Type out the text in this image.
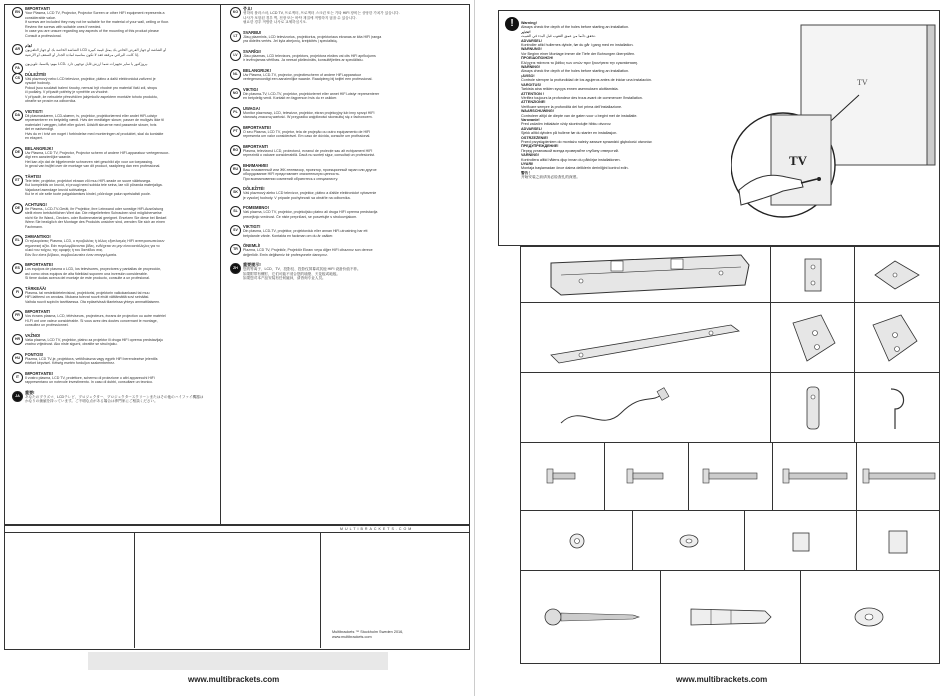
EN
IMPORTANT!
Your Plasma, LCD TV, Projector, Projector Screen or other HIFI equipment represents a
considerable value.
If screws are included they may not be suitable for the material of your wall, ceiling or floor.
Review the screws with suitable ones if needed.
In case you are unsure regarding any aspects of the mounting of this product please
Consult a professional.
AR
هام!
الشاشة الخاصة بك أو جهاز التلفزيون LCD أو الشاشة أو جهاز العرض الخاص بك يمثل قيمة كبيرة
إذا كانت البراغي مرفقة فقد لا تكون مناسبة لمادة الجدار أو السقف أو الأرضية.
FA
مهم: پلاسما، تلویزیون LCD، پروژکتور یا سایر تجهیزات شما ارزش قابل توجهی دارد.
CS
DŮLEŽITÉ!
Váš plazmový nebo LCD televizor, projektor, plátno a další elektronická zařízení je
vysoké hodnoty.
Pokud jsou součástí balení šrouby, nemusí být vhodné pro materiál Vaší zdi, stropu
či podlahy. V případě potřeby je vyměňte za vhodné.
V případě, že nebudete přesvědčen jakýmkoliv aspektem montáže tohoto produktu,
obraťte se prosím na odborníka.
DA
VIGTIGT!
Dit plasmaskærm, LCD-skærm, tv, projektor, projektorlærred eller andet HiFi-udstyr
repræsenterer en betydelig værdi. Hvis der medfølger skruer, passer de muligvis ikke til
materialet i væggen, loftet eller gulvet. Udskift skruerne med passende skruer, hvis
det er nødvendigt.
Hvis du er i tvivl om noget i forbindelse med monteringen af produktet, skal du kontakte
en ekspert.
DE
BELANGRIJK!
Uw Plasma, LCD TV, Projector, Projector scherm of andere HIFI-apparatuur vertegenwoor-
digt een aanzienlijke waarde.
Het kan zijn dat de bijgeleverde schroeven niet geschikt zijn voor uw toepassing.
In geval van twijfel over de montage van dit product, raadpleeg dan een professional.
ET
TÄHTIS!
Teie teler, projektor, projektori ekraan või muu HIFI-seade on suure väärtusega.
Kui komplektis on kruvid, ei pruugi need sobida teie seina, lae või põranda materjaliga.
Vajadusel asendage kruvid sobivatega.
Kui te ei ole selle toote paigaldamises kindel, pöörduge palun spetsialisti poole.
DE
ACHTUNG!
Ihr Plasma-, LCD-TV-Gerät, ihr Projektor, ihre Leinwand oder sonstige HiFi-Ausrüstung
stellt einen beträchtlichen Wert dar. Die mitgelieferten Schrauben sind möglicherweise
nicht für Ihr Wand-, Decken- oder Bodenmaterial geeignet. Ersetzen Sie diese bei Bedarf.
Wenn Sie bezüglich der Montage des Produkts unsicher sind, wenden Sie sich an einen
Fachmann.
EL
ΣΗΜΑΝΤΙΚΟ!
Οι τηλεοράσεις Plasma, LCD, ο προβολέας ή άλλος εξοπλισμός HIFI αντιπροσωπεύουν
σημαντική αξία. Εάν περιλαμβάνονται βίδες, ενδέχεται να μην είναι κατάλληλες για το
υλικό του τοίχου, της οροφής ή του δαπέδου σας.
Εάν δεν είστε βέβαιοι, συμβουλευτείτε έναν επαγγελματία.
ES
IMPORTANTE!
Los equipos de plasma o LCD, los televisores, proyectores y pantallas de proyección,
así como otros equipos de alta fidelidad suponen una inversión considerable.
Si tiene dudas acerca del montaje de este producto, consulte a un profesional.
FI
TÄRKEÄÄ!
Plasma- tai nestekidetelevisiosi, projektorisi, projektorin valkokankaasi tai muu
HiFi-laitteesi on arvokas. Mukana tulevat ruuvit eivät välttämättä sovi seinääsi.
Vaihda ruuvit sopiviin tarvittaessa. Ota epäselvissä tilanteissa yhteys ammattilaiseen.
FR
IMPORTANT!
Vos écrans plasma, LCD, téléviseurs, projecteurs, écrans de projection ou autre matériel
HI-FI ont une valeur considérable. Si vous avez des doutes concernant le montage,
consultez un professionnel.
HR
VAŽNO!
Vaša plazma, LCD TV, projektor, platno za projektor ili druga HIFI oprema predstavljaju
znatnu vrijednost. Ako niste sigurni, obratite se stručnjaku.
HU
FONTOS!
Plazma, LCD TV-je, projektora, vetítővászna vagy egyéb HiFi berendezése jelentős
értéket képvisel. Kétség esetén forduljon szakemberhez.
IT
IMPORTANTE!
Il vostro plasma, LCD TV, proiettore, schermo di proiezione o altri apparecchi HiFi
rappresentano un notevole investimento. In caso di dubbi, consultare un tecnico.
JA
重要!
あなたのプラズマ、LCDテレビ、プロジェクター、プロジェクタースクリーンまたはその他のハイファイ機器は
かなりの価値を持っています。ご不明な点がある場合は専門家にご相談ください。
KO
중요!
귀하의 플라스마, LCD TV, 프로젝터, 프로젝터 스크린 또는 기타 HIFI 장비는 상당한 가치가 있습니다.
나사가 포함된 경우 벽, 천장 또는 바닥 재질에 적합하지 않을 수 있습니다.
필요한 경우 적합한 나사로 교체하십시오.
LT
SVARBU!
Jūsų plazminis, LCD televizorius, projektorius, projektoriaus ekranas ar kita HIFI įranga
yra didelės vertės. Jei kyla abejonių, kreipkitės į specialistą.
LV
SVARĪGI!
Jūsu plazmas, LCD televizors, projektors, projektora ekrāns vai cits HiFi aprīkojums
ir ievērojamas vērtības. Ja neesat pārliecināts, konsultējieties ar speciālistu.
NL
BELANGRIJK!
Uw Plasma, LCD-TV, projector, projectiescherm of andere HiFi-apparatuur
vertegenwoordigt een aanzienlijke waarde. Raadpleeg bij twijfel een professional.
NO
VIKTIG!
Din plasma-TV, LCD-TV, projektor, projektorlerret eller annet HIFI-utstyr representerer
en betydelig verdi. Kontakt en fagperson hvis du er usikker.
PL
UWAGA!
Monitor plazmowy, LCD, telewizor, projektor, ekran projekcyjny lub inny sprzęt HIFI
stanowią znaczną wartość. W przypadku wątpliwości skonsultuj się z fachowcem.
PT
IMPORTANTE!
O seu Plasma, LCD TV, projetor, tela de projeção ou outro equipamento de HIFI
representa um valor considerável. Em caso de dúvida, consulte um profissional.
RO
IMPORTANT!
Plasma, televizorul LCD, proiectorul, ecranul de proiecție sau alt echipament HIFI
reprezintă o valoare considerabilă. Dacă nu sunteți sigur, consultați un profesionist.
RU
ВНИМАНИЕ!
Ваш плазменный или ЖК-телевизор, проектор, проекционный экран или другое
оборудование HIFI представляет значительную ценность.
При возникновении сомнений обратитесь к специалисту.
SK
DÔLEŽITÉ!
Váš plazmový alebo LCD televízor, projektor, plátno a ďalšie elektronické vybavenie
je vysokej hodnoty. V prípade pochybností sa obráťte na odborníka.
SL
POMEMBNO!
Vaš plazma, LCD TV, projektor, projekcijsko platno ali druga HIFI oprema predstavlja
precejšnjo vrednost. Če niste prepričani, se posvetujte s strokovnjakom.
SV
VIKTIGT!
Din plasma, LCD-TV, projektor, projektorduk eller annan HiFi-utrustning har ett
betydande värde. Kontakta en fackman om du är osäker.
TR
ÖNEMLİ!
Plazma, LCD TV, Projektör, Projektör Ekranı veya diğer HIFI cihazınız son derece
değerlidir. Emin değilseniz bir profesyonele danışınız.
ZH
重要提示!
您的等离子、LCD、TV、投影仪、投影仪屏幕或其他 HIFI 设备价值不菲。
如果附带有螺钉，它们可能不适合您的墙壁、天花板或地板。
如果您对本产品安装有任何疑问，请咨询专业人员。
MULTIBRACKETS.COM
Multibrackets ™ Stockholm Sweden 2016,
www.multibrackets.com
www.multibrackets.com
!	Warning!
Always check the depth of the holes before starting an installation.
تحذير!
تحقق دائما من عمق الثقوب قبل البدء في التثبيت.
ADVARSEL!
Kontroller altid hullernes dybde, før du går i gang med en installation.
WARNUNG!
Vor Beginn einer Montage immer die Tiefe der Bohrungen überprüfen.
ΠΡΟΕΙΔΟΠΟΙΗΣΗ!
Ελέγχετε πάντοτε το βάθος των οπών πριν ξεκινήσετε την εγκατάσταση.
WARNING!
Always check the depth of the holes before starting an installation.
¡AVISO!
Controle siempre la profundidad de los agujeros antes de iniciar una instalación.
VAROITUS!
Tarkista aina reikien syvyys ennen asennuksen aloittamista.
ATTENTION !
Vérifiez toujours la profondeur des trous avant de commencer l'installation.
ATTENZIONE!
Verificare sempre la profondità dei fori prima dell'installazione.
WAARSCHUWING!
Controleer altijd de diepte van de gaten voor u begint met de installatie.
Varovanie!
Pred začatím inštalácie vždy skontrolujte hĺbku otvorov.
ADVARSEL!
Sjekk alltid dybden på hullene før du starter en installasjon.
OSTRZEŻENIE!
Przed przystąpieniem do montażu należy zawsze sprawdzić głębokość otworów.
ПРЕДУПРЕЖДЕНИЕ!
Перед установкой всегда проверяйте глубину отверстий.
VARNING!
Kontrollera alltid hålens djup innan du påbörjar installationen.
UYARI!
Montaja başlamadan önce daima deliklerin derinliğini kontrol edin.
警告！
开始安装之前请务必检查孔的深度。
TV
TV
www.multibrackets.com
